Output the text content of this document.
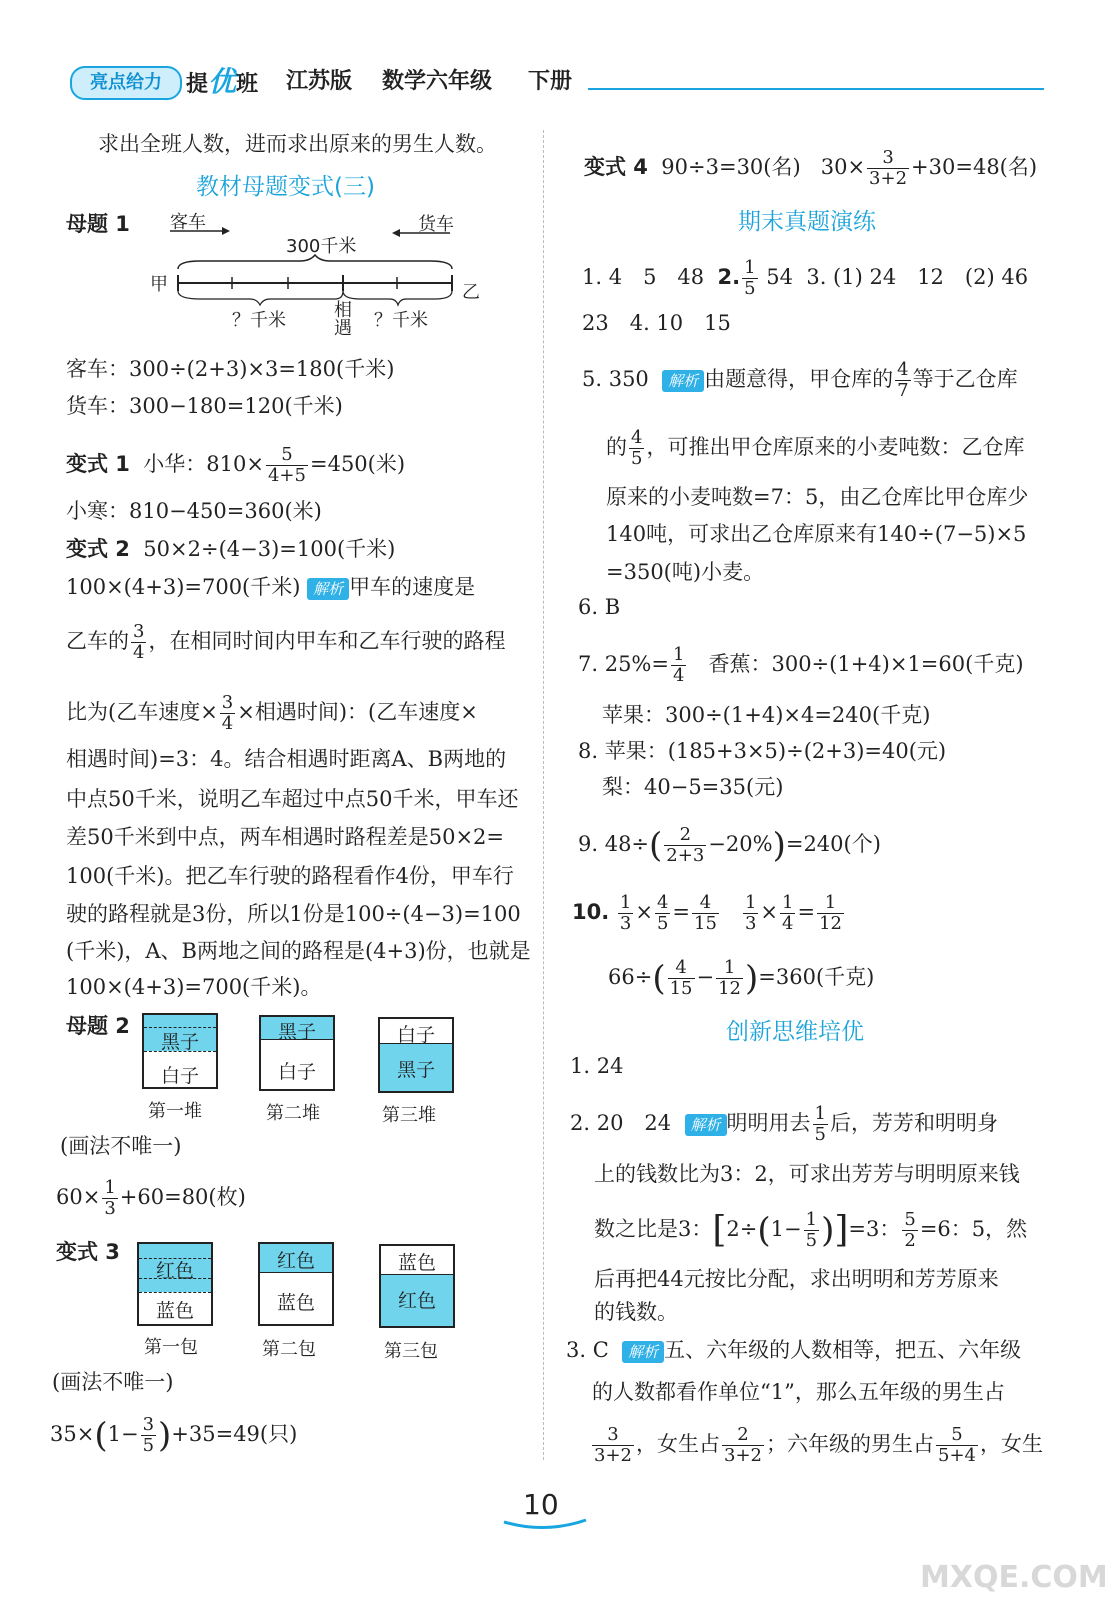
亮点给力	提优班 江苏版 数学六年级 下册
求出全班人数，进而求出原来的男生人数。
教材母题变式(三)
母题 1 客车	货车
300千米
甲	乙
？千米	相遇 ？千米
客车：300÷(2+3)×3=180(千米)
货车：300−180=120(千米)
变式 1 小华：$810\times \frac{5}{4+5} =450$(米)
小寒：810−450=360(米)
变式 2 50×2÷(4−3)=100(千米)
100×(4+3)=700(千米) 解析 甲车的速度是
乙车的 $\frac{3}{4}$ ，在相同时间内甲车和乙车行驶的路程
比为(乙车速度× $\frac{3}{4}$ ×相遇时间)：(乙车速度×
相遇时间)=3：4。结合相遇时距离A、B两地的
中点50千米，说明乙车超过中点50千米，甲车还
差50千米到中点，两车相遇时路程差是50×2=
100(千米)。把乙车行驶的路程看作4份，甲车行
驶的路程就是3份，所以1份是100÷(4−3)=100
(千米)，A、B两地之间的路程是(4+3)份，也就是
100×(4+3)=700(千米)。
母题 2
黑子
白子
黑子
白子
白子
黑子
第一堆	第二堆	第三堆
(画法不唯一)
$60\times \frac{1}{3} +60=80$(枚)
变式 3
红色
蓝色
红色
蓝色
蓝色
红色
第一包	第二包	第三包
(画法不唯一)
$35\times(1- \frac{3}{5} )+35=49$(只)
变式 4 90÷3=30(名) $30\times \frac{3}{3+2} +30=48$(名)
期末真题演练
1. 4　5　48 2. $\frac{1}{5} 54$ 3. (1) 24　12　(2) 46
23　4. 10　15
5. 350 解析 由题意得，甲仓库的 $\frac{4}{7}$ 等于乙仓库
的 $\frac{4}{5}$ ，可推出甲仓库原来的小麦吨数：乙仓库
原来的小麦吨数=7：5，由乙仓库比甲仓库少
140吨，可求出乙仓库原来有140÷(7−5)×5
=350(吨)小麦。
6. B
7. $25\%= \frac{1}{4}$ 香蕉：300÷(1+4)×1=60(千克)
苹果：300÷(1+4)×4=240(千克)
8. 苹果：(185+3×5)÷(2+3)=40(元)
梨：40−5=35(元)
9. $48\div( \frac{2}{2+3} -20\%)=240$(个)
10. $\frac{1}{3} \times \frac{4}{5} = \frac{4}{15}$
$\frac{1}{3} \times \frac{1}{4} = \frac{1}{12}$
$66\div( \frac{4}{15} - \frac{1}{12} )=360$(千克)
创新思维培优
1. 24
2. 20　24 解析 明明用去 $\frac{1}{5}$ 后，芳芳和明明身
上的钱数比为3：2，可求出芳芳与明明原来钱
数之比是3：$[2\div(1- \frac{1}{5} )]=3$： $\frac{5}{2} =6$：5，然
后再把44元按比分配，求出明明和芳芳原来
的钱数。
3. C 解析 五、六年级的人数相等，把五、六年级
的人数都看作单位“1”，那么五年级的男生占
$\frac{3}{3+2}$ ，女生占 $\frac{2}{3+2}$ ；六年级的男生占 $\frac{5}{5+4}$ ，女生
10
MXQE.COM
